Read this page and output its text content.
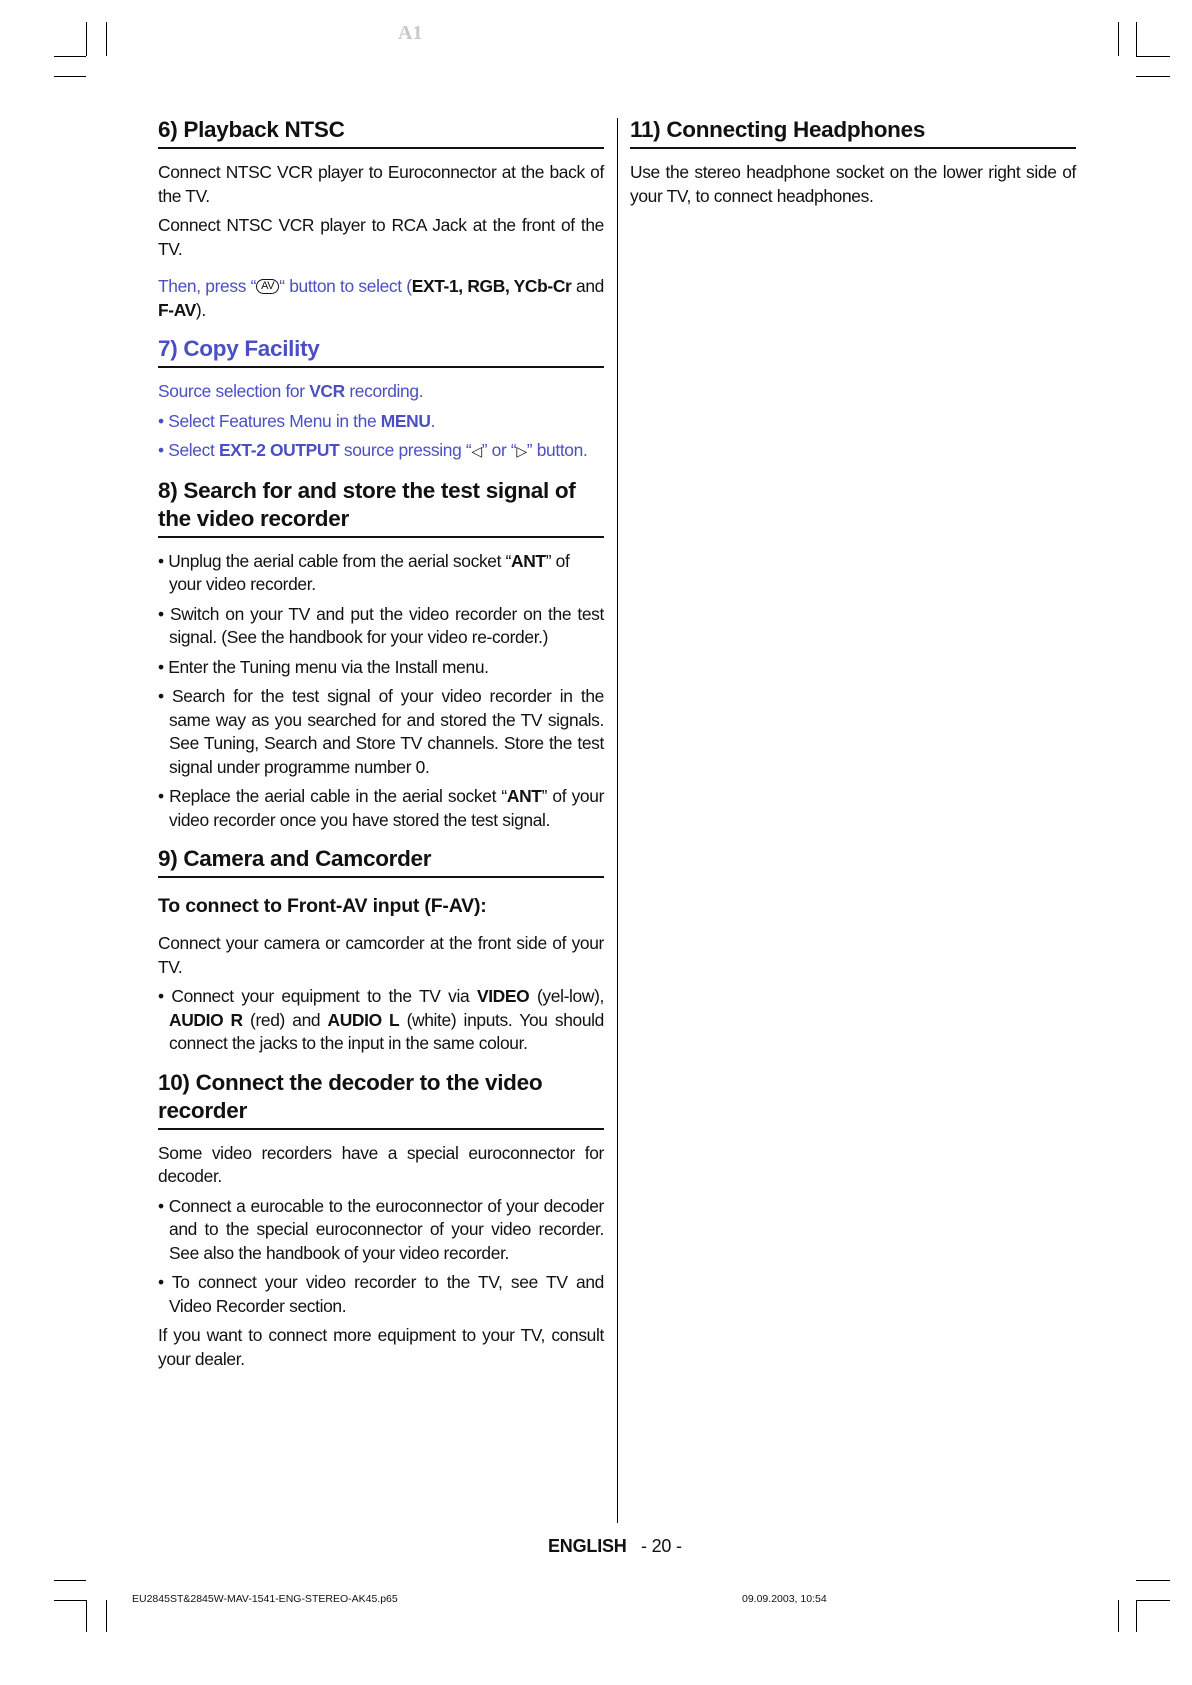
A1
6) Playback NTSC

Connect NTSC VCR player to Euroconnector at the back of the TV.

Connect NTSC VCR player to RCA Jack at the front of the TV.

Then, press “ AV “ button to select (EXT-1, RGB, YCb-Cr and F-AV).

7) Copy Facility

Source selection for VCR recording.

• Select Features Menu in the MENU.

• Select EXT-2 OUTPUT source pressing “◁” or “▷” button.

8) Search for and store the test signal of the video recorder

• Unplug the aerial cable from the aerial socket “ANT” of your video recorder.

• Switch on your TV and put the video recorder on the test signal. (See the handbook for your video re-corder.)

• Enter the Tuning menu via the Install menu.

• Search for the test signal of your video recorder in the same way as you searched for and stored the TV signals. See Tuning, Search and Store TV channels. Store the test signal under programme number 0.

• Replace the aerial cable in the aerial socket “ANT” of your video recorder once you have stored the test signal.

9) Camera and Camcorder
To connect to Front-AV input (F-AV):

Connect your camera or camcorder at the front side of your TV.

• Connect your equipment to the TV via VIDEO (yel-low), AUDIO R (red) and AUDIO L (white) inputs. You should connect the jacks to the input in the same colour.

10) Connect the decoder to the video recorder

Some video recorders have a special euroconnector for decoder.

• Connect a eurocable to the euroconnector of your decoder and to the special euroconnector of your video recorder. See also the handbook of your video recorder.

• To connect your video recorder to the TV, see TV and Video Recorder section.

If you want to connect more equipment to your TV, consult your dealer.

11) Connecting Headphones

Use the stereo headphone socket on the lower right side of your TV, to connect headphones.

ENGLISH - 20 -
EU2845ST&2845W-MAV-1541-ENG-STEREO-AK45.p65	09.09.2003, 10:54
